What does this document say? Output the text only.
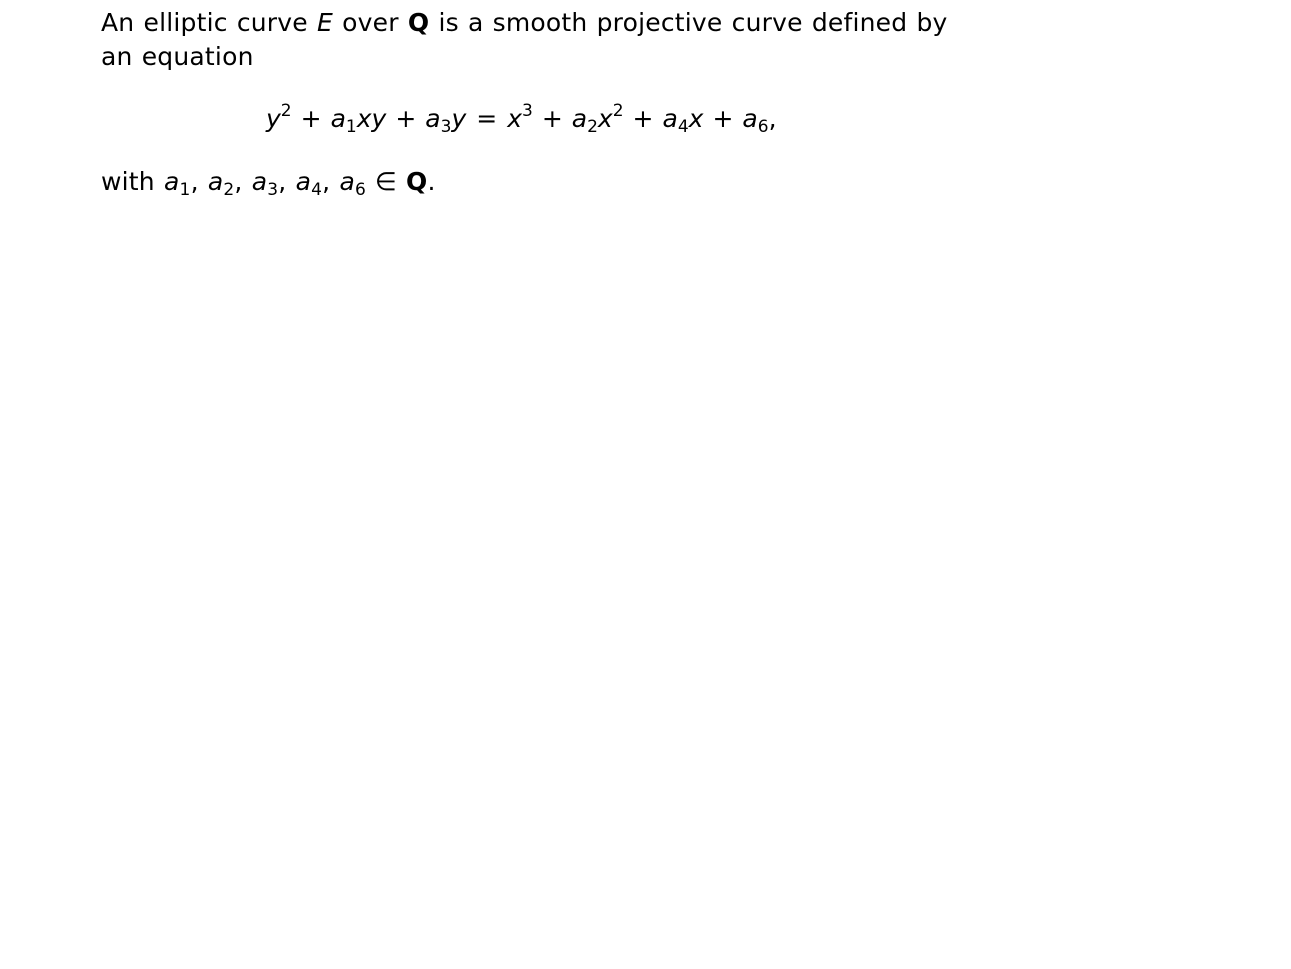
An elliptic curve E over Q is a smooth projective curve defined by an equation
$y^2 + a_1xy + a_3y = x^3 + a_2x^2 + a_4x + a_6$,
with $a_1$, $a_2$, $a_3$, $a_4$, $a_6$ ∈ Q.
